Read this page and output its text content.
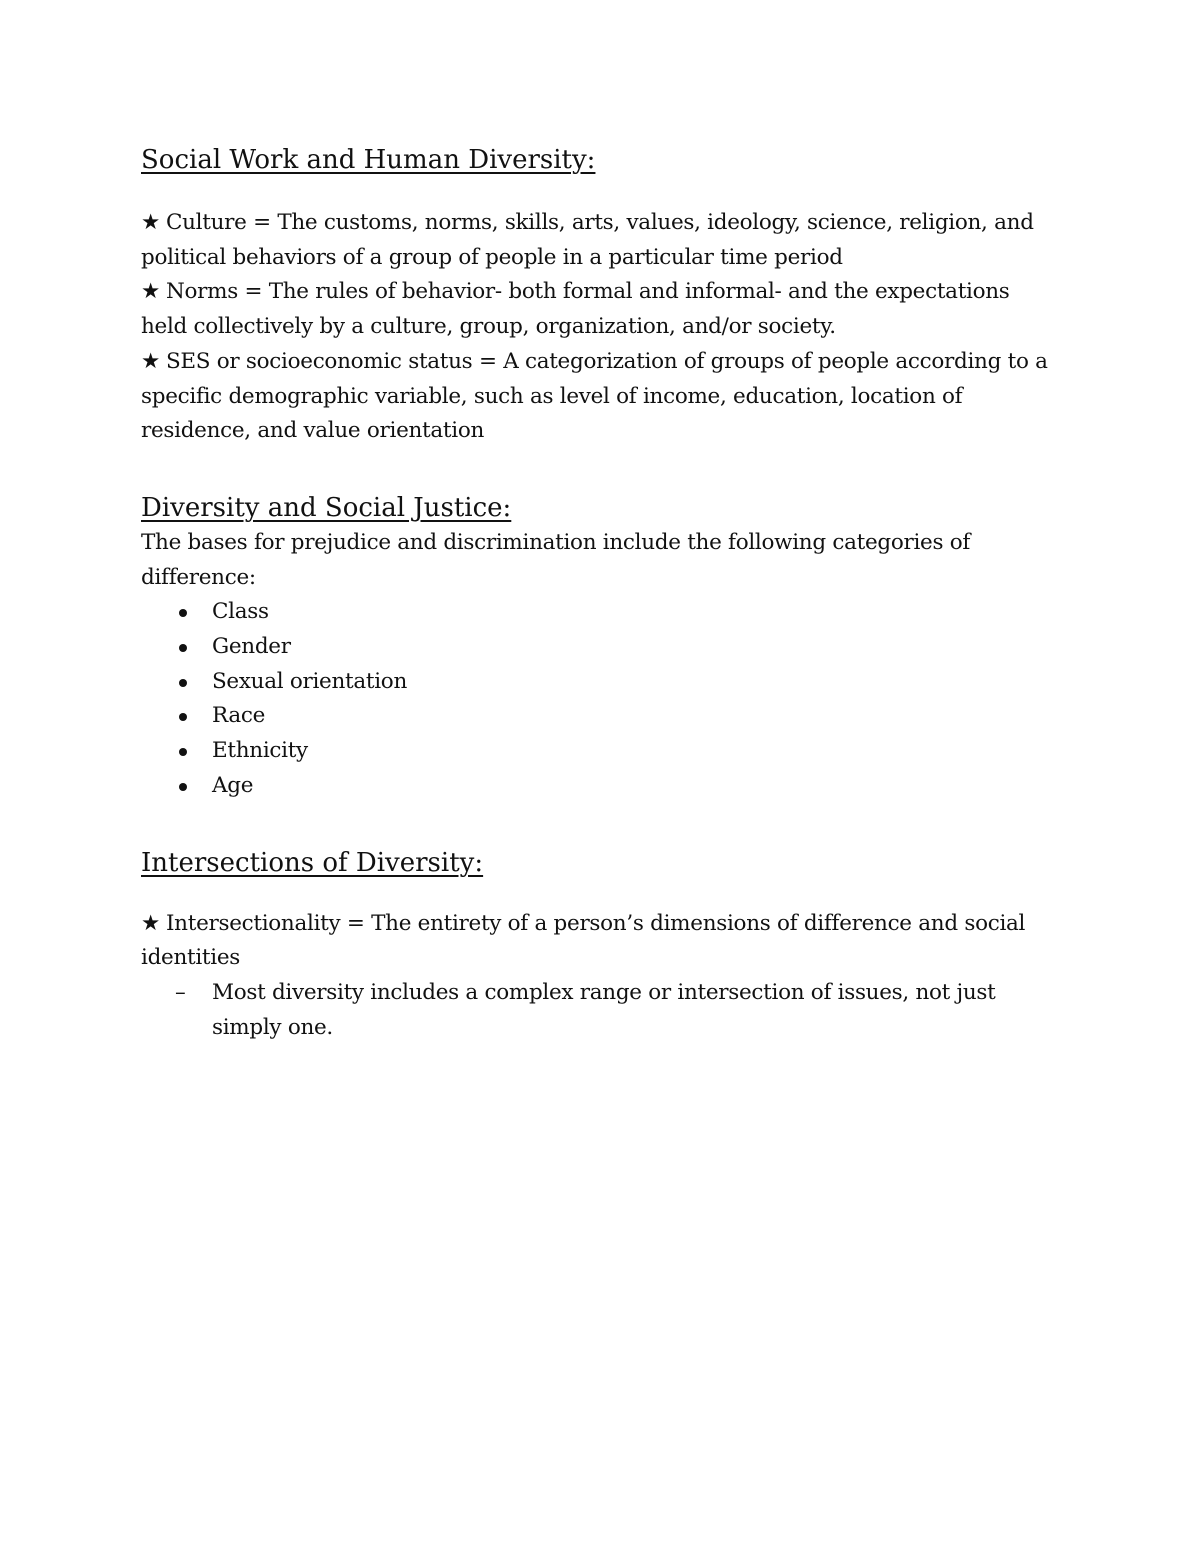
Social Work and Human Diversity:
★ Culture = The customs, norms, skills, arts, values, ideology, science, religion, and political behaviors of a group of people in a particular time period
★ Norms = The rules of behavior- both formal and informal- and the expectations held collectively by a culture, group, organization, and/or society.
★ SES or socioeconomic status = A categorization of groups of people according to a specific demographic variable, such as level of income, education, location of residence, and value orientation
Diversity and Social Justice:

The bases for prejudice and discrimination include the following categories of difference:

Class
Gender
Sexual orientation
Race
Ethnicity
Age
Intersections of Diversity:

★ Intersectionality = The entirety of a person’s dimensions of difference and social identities

– Most diversity includes a complex range or intersection of issues, not just simply one.
